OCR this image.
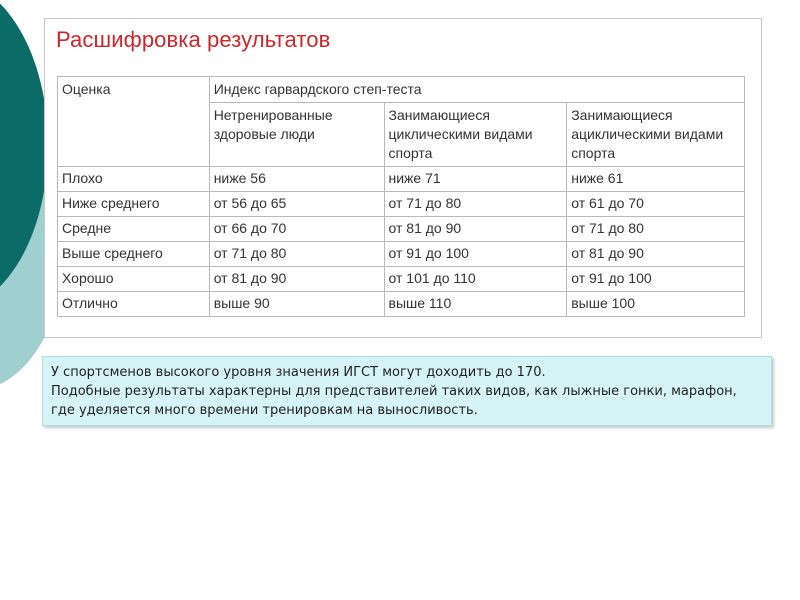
Расшифровка результатов
Оценка	Индекс гарвардского степ-теста		
	Нетренированные здоровые люди	Занимающиеся циклическими видами спорта	Занимающиеся ациклическими видами спорта
Плохо	ниже 56	ниже 71	ниже 61
Ниже среднего	от 56 до 65	от 71 до 80	от 61 до 70
Средне	от 66 до 70	от 81 до 90	от 71 до 80
Выше среднего	от 71 до 80	от 91 до 100	от 81 до 90
Хорошо	от 81 до 90	от 101 до 110	от 91 до 100
Отлично	выше 90	выше 110	выше 100

У спортсменов высокого уровня значения ИГСТ могут доходить до 170.

Подобные результаты характерны для представителей таких видов, как лыжные гонки, марафон, где уделяется много времени тренировкам на выносливость.
